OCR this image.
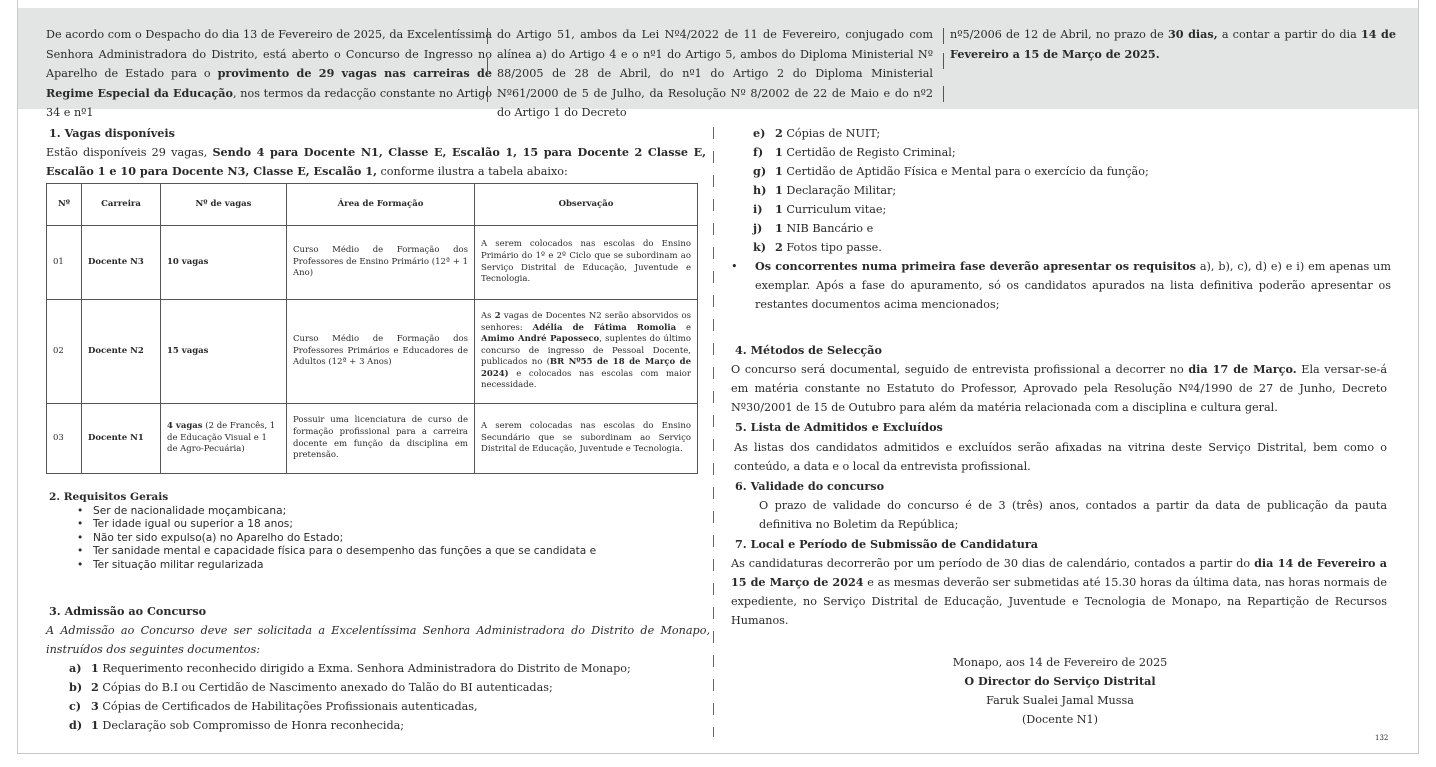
De acordo com o Despacho do dia 13 de Fevereiro de 2025, da Excelentíssima Senhora Administradora do Distrito, está aberto o Concurso de Ingresso no Aparelho de Estado para o provimento de 29 vagas nas carreiras de Regime Especial da Educação, nos termos da redacção constante no Artigo 34 e nº1
do Artigo 51, ambos da Lei Nº4/2022 de 11 de Fevereiro, conjugado com alínea a) do Artigo 4 e o nº1 do Artigo 5, ambos do Diploma Ministerial Nº 88/2005 de 28 de Abril, do nº1 do Artigo 2 do Diploma Ministerial Nº61/2000 de 5 de Julho, da Resolução Nº 8/2002 de 22 de Maio e do nº2 do Artigo 1 do Decreto
nº5/2006 de 12 de Abril, no prazo de 30 dias, a contar a partir do dia 14 de Fevereiro a 15 de Março de 2025.
1. Vagas disponíveis
Estão disponíveis 29 vagas, Sendo 4 para Docente N1, Classe E, Escalão 1, 15 para Docente 2 Classe E, Escalão 1 e 10 para Docente N3, Classe E, Escalão 1, conforme ilustra a tabela abaixo:
Nº	Carreira	Nº de vagas	Área de Formação	Observação
01	Docente N3	10 vagas	Curso Médio de Formação dos Professores de Ensino Primário (12ª + 1 Ano)	A serem colocados nas escolas do Ensino Primário do 1º e 2º Ciclo que se subordinam ao Serviço Distrital de Educação, Juventude e Tecnologia.
02	Docente N2	15 vagas	Curso Médio de Formação dos Professores Primários e Educadores de Adultos (12ª + 3 Anos)	As 2 vagas de Docentes N2 serão absorvidos os senhores: Adélia de Fátima Romolia e Amimo André Paposseco, suplentes do último concurso de ingresso de Pessoal Docente, publicados no (BR Nº55 de 18 de Março de 2024) e colocados nas escolas com maior necessidade.
03	Docente N1	4 vagas (2 de Francês, 1 de Educação Visual e 1 de Agro-Pecuária)	Possuir uma licenciatura de curso de formação profissional para a carreira docente em função da disciplina em pretensão.	A serem colocadas nas escolas do Ensino Secundário que se subordinam ao Serviço Distrital de Educação, Juventude e Tecnologia.
2. Requisitos Gerais
• Ser de nacionalidade moçambicana;
• Ter idade igual ou superior a 18 anos;
• Não ter sido expulso(a) no Aparelho do Estado;
• Ter sanidade mental e capacidade física para o desempenho das funções a que se candidata e
• Ter situação militar regularizada
3. Admissão ao Concurso
A Admissão ao Concurso deve ser solicitada a Excelentíssima Senhora Administradora do Distrito de Monapo, instruídos dos seguintes documentos:
a) 1 Requerimento reconhecido dirigido a Exma. Senhora Administradora do Distrito de Monapo;
b) 2 Cópias do B.I ou Certidão de Nascimento anexado do Talão do BI autenticadas;
c) 3 Cópias de Certificados de Habilitações Profissionais autenticadas,
d) 1 Declaração sob Compromisso de Honra reconhecida;
e) 2 Cópias de NUIT;
f) 1 Certidão de Registo Criminal;
g) 1 Certidão de Aptidão Física e Mental para o exercício da função;
h) 1 Declaração Militar;
i) 1 Curriculum vitae;
j) 1 NIB Bancário e
k) 2 Fotos tipo passe.
• Os concorrentes numa primeira fase deverão apresentar os requisitos a), b), c), d) e) e i) em apenas um exemplar. Após a fase do apuramento, só os candidatos apurados na lista definitiva poderão apresentar os restantes documentos acima mencionados;
4. Métodos de Selecção
O concurso será documental, seguido de entrevista profissional a decorrer no dia 17 de Março. Ela versar-se-á em matéria constante no Estatuto do Professor, Aprovado pela Resolução Nº4/1990 de 27 de Junho, Decreto Nº30/2001 de 15 de Outubro para além da matéria relacionada com a disciplina e cultura geral.
5. Lista de Admitidos e Excluídos
As listas dos candidatos admitidos e excluídos serão afixadas na vitrina deste Serviço Distrital, bem como o conteúdo, a data e o local da entrevista profissional.
6. Validade do concurso
O prazo de validade do concurso é de 3 (três) anos, contados a partir da data de publicação da pauta definitiva no Boletim da República;
7. Local e Período de Submissão de Candidatura
As candidaturas decorrerão por um período de 30 dias de calendário, contados a partir do dia 14 de Fevereiro a 15 de Março de 2024 e as mesmas deverão ser submetidas até 15.30 horas da última data, nas horas normais de expediente, no Serviço Distrital de Educação, Juventude e Tecnologia de Monapo, na Repartição de Recursos Humanos.
Monapo, aos 14 de Fevereiro de 2025
O Director do Serviço Distrital
Faruk Sualei Jamal Mussa
(Docente N1)
132
